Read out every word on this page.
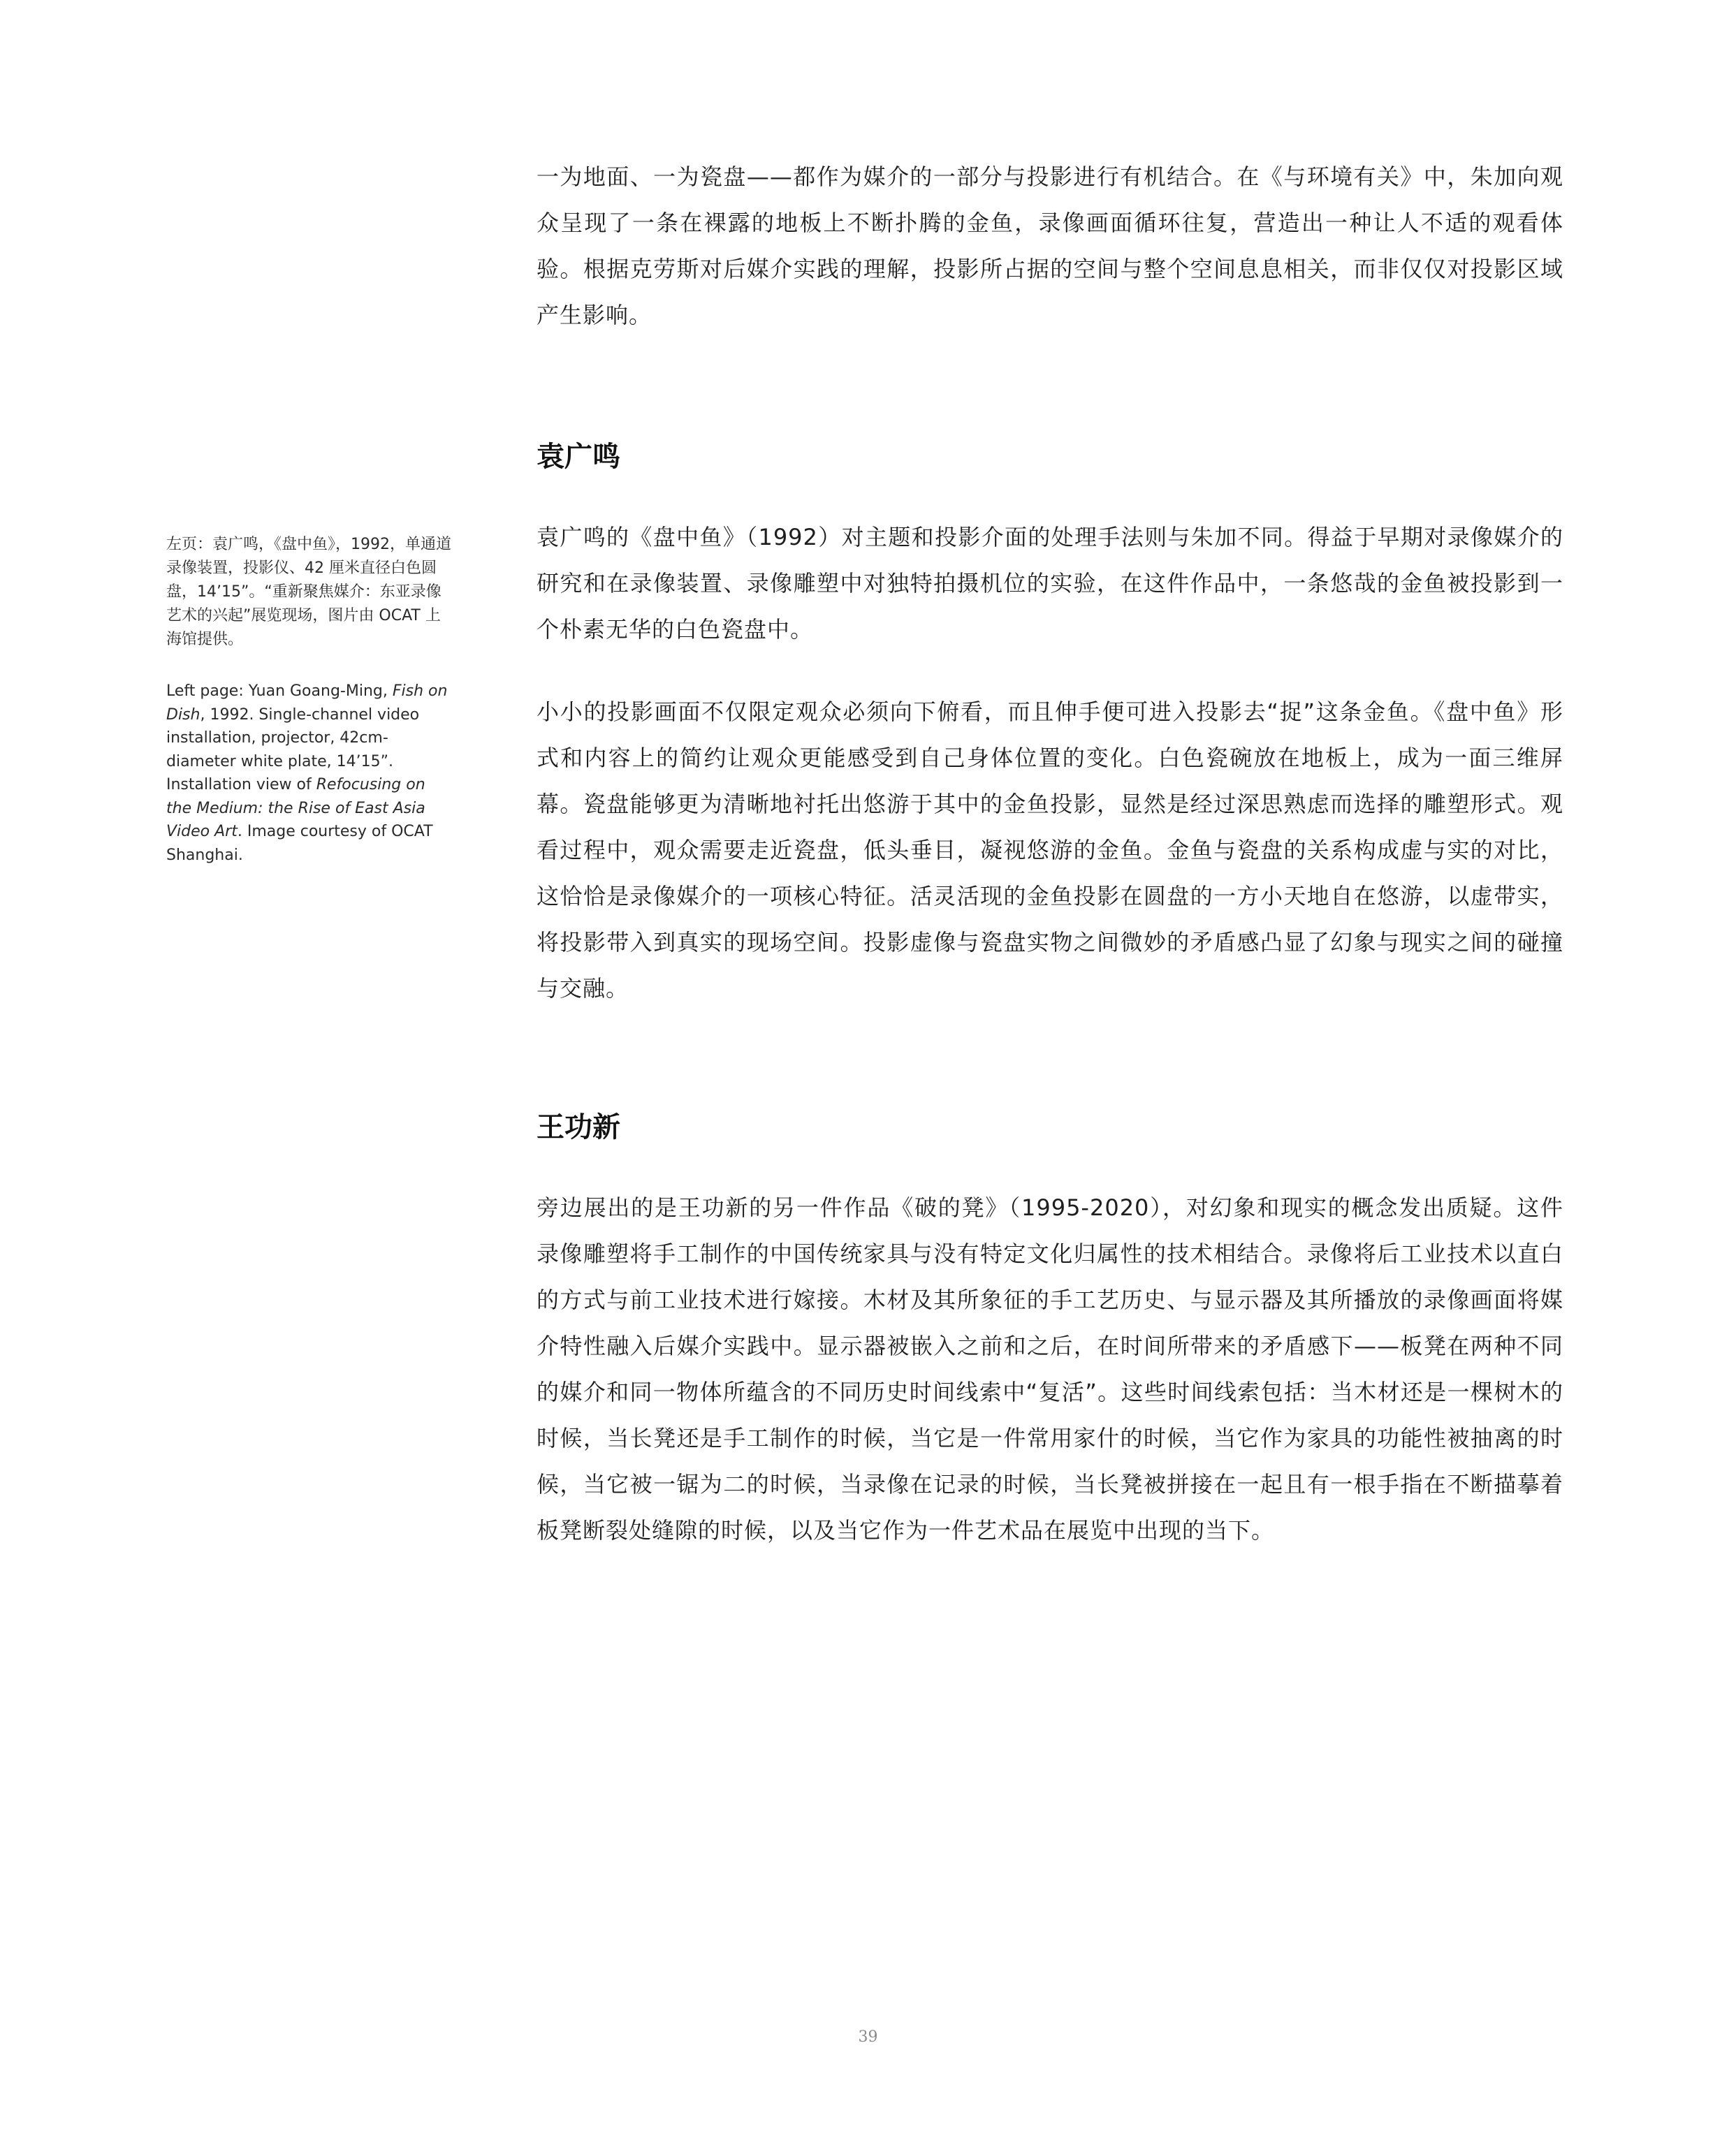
一为地面、一为瓷盘——都作为媒介的一部分与投影进行有机结合。在《与环境有关》中，朱加向观众呈现了一条在裸露的地板上不断扑腾的金鱼，录像画面循环往复，营造出一种让人不适的观看体验。根据克劳斯对后媒介实践的理解，投影所占据的空间与整个空间息息相关，而非仅仅对投影区域产生影响。

袁广鸣

袁广鸣的《盘中鱼》（1992）对主题和投影介面的处理手法则与朱加不同。得益于早期对录像媒介的研究和在录像装置、录像雕塑中对独特拍摄机位的实验，在这件作品中，一条悠哉的金鱼被投影到一个朴素无华的白色瓷盘中。

小小的投影画面不仅限定观众必须向下俯看，而且伸手便可进入投影去“捉”这条金鱼。《盘中鱼》形式和内容上的简约让观众更能感受到自己身体位置的变化。白色瓷碗放在地板上，成为一面三维屏幕。瓷盘能够更为清晰地衬托出悠游于其中的金鱼投影，显然是经过深思熟虑而选择的雕塑形式。观看过程中，观众需要走近瓷盘，低头垂目，凝视悠游的金鱼。金鱼与瓷盘的关系构成虚与实的对比，这恰恰是录像媒介的一项核心特征。活灵活现的金鱼投影在圆盘的一方小天地自在悠游，以虚带实，将投影带入到真实的现场空间。投影虚像与瓷盘实物之间微妙的矛盾感凸显了幻象与现实之间的碰撞与交融。

王功新

旁边展出的是王功新的另一件作品《破的凳》（1995-2020），对幻象和现实的概念发出质疑。这件录像雕塑将手工制作的中国传统家具与没有特定文化归属性的技术相结合。录像将后工业技术以直白的方式与前工业技术进行嫁接。木材及其所象征的手工艺历史、与显示器及其所播放的录像画面将媒介特性融入后媒介实践中。显示器被嵌入之前和之后，在时间所带来的矛盾感下——板凳在两种不同的媒介和同一物体所蕴含的不同历史时间线索中“复活”。这些时间线索包括：当木材还是一棵树木的时候，当长凳还是手工制作的时候，当它是一件常用家什的时候，当它作为家具的功能性被抽离的时候，当它被一锯为二的时候，当录像在记录的时候，当长凳被拼接在一起且有一根手指在不断描摹着板凳断裂处缝隙的时候，以及当它作为一件艺术品在展览中出现的当下。

左页：袁广鸣，《盘中鱼》，1992，单通道录像装置，投影仪、42 厘米直径白色圆盘，14’15”。“重新聚焦媒介：东亚录像艺术的兴起”展览现场，图片由 OCAT 上海馆提供。

Left page: Yuan Goang-Ming, Fish on Dish, 1992. Single-channel video installation, projector, 42cm-diameter white plate, 14’15”. Installation view of Refocusing on the Medium: the Rise of East Asia Video Art. Image courtesy of OCAT Shanghai.

39
